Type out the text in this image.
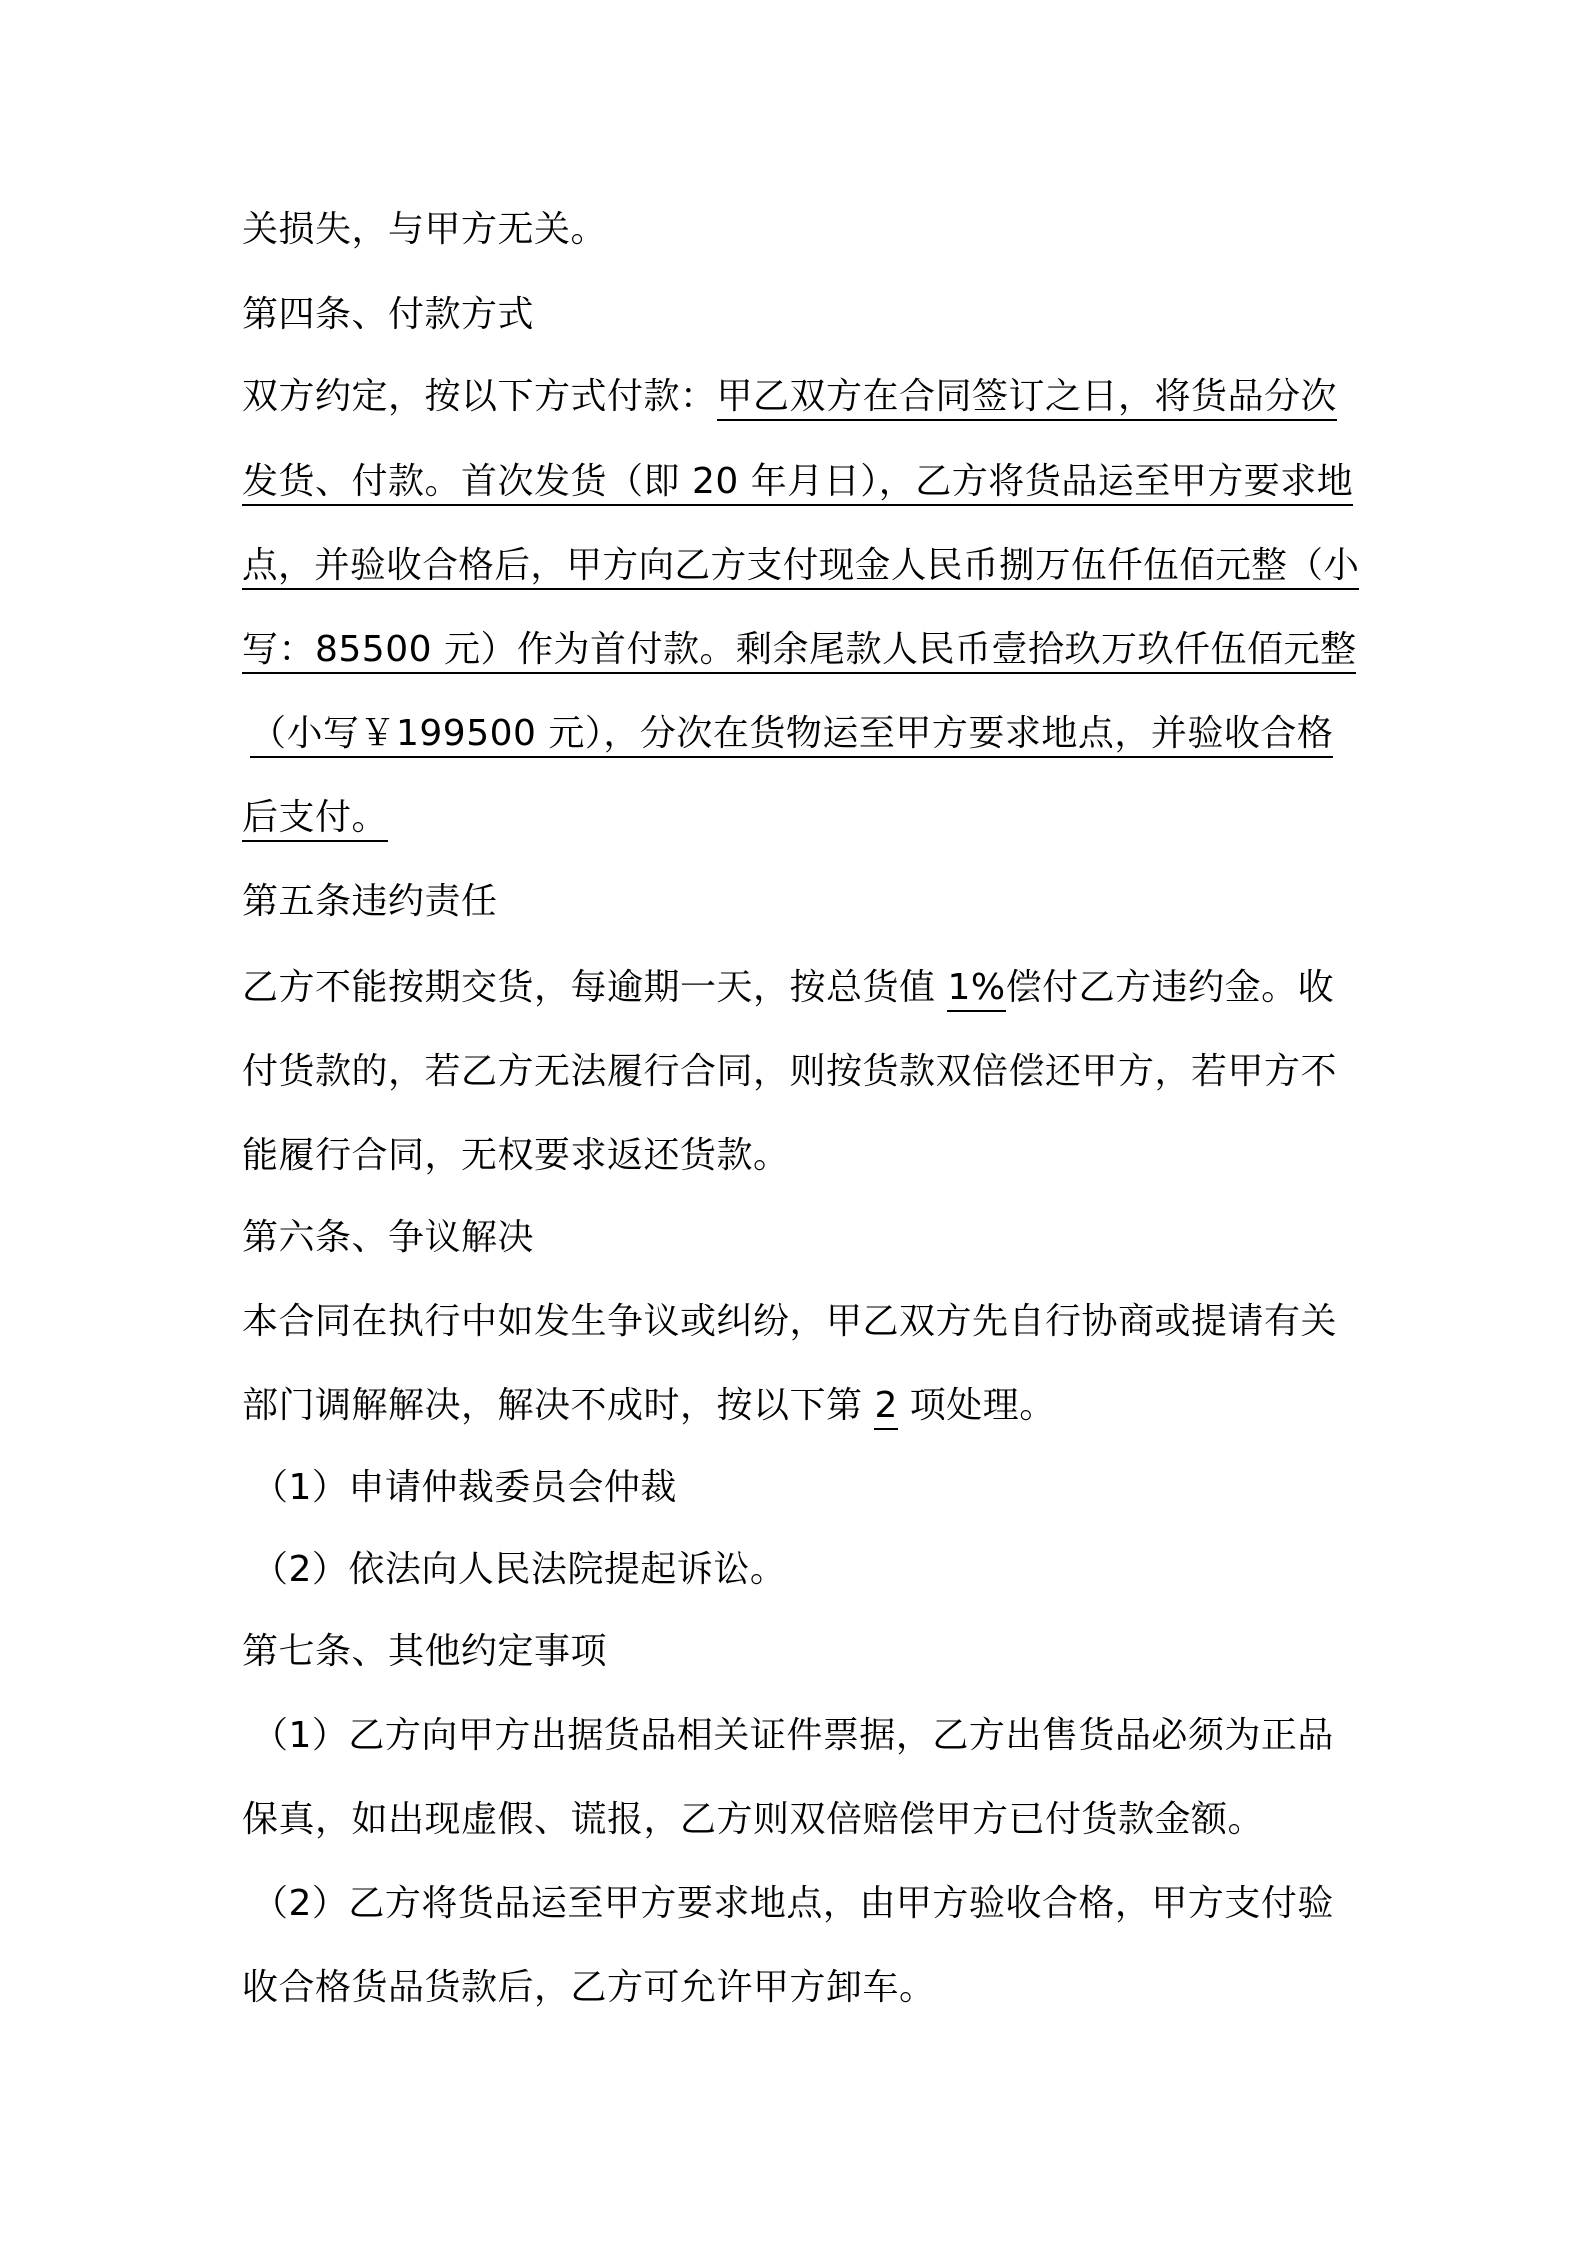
关损失，与甲方无关。
第四条、付款方式
双方约定，按以下方式付款：甲乙双方在合同签订之日，将货品分次
发货、付款。首次发货（即 20 年月日），乙方将货品运至甲方要求地
点，并验收合格后，甲方向乙方支付现金人民币捌万伍仟伍佰元整（小
写：85500 元）作为首付款。剩余尾款人民币壹拾玖万玖仟伍佰元整
（小写￥199500 元），分次在货物运至甲方要求地点，并验收合格
后支付。
第五条违约责任
乙方不能按期交货，每逾期一天，按总货值 1%偿付乙方违约金。收
付货款的，若乙方无法履行合同，则按货款双倍偿还甲方，若甲方不
能履行合同，无权要求返还货款。
第六条、争议解决
本合同在执行中如发生争议或纠纷，甲乙双方先自行协商或提请有关
部门调解解决，解决不成时，按以下第 2 项处理。
（1）申请仲裁委员会仲裁
（2）依法向人民法院提起诉讼。
第七条、其他约定事项
（1）乙方向甲方出据货品相关证件票据，乙方出售货品必须为正品
保真，如出现虚假、谎报，乙方则双倍赔偿甲方已付货款金额。
（2）乙方将货品运至甲方要求地点，由甲方验收合格，甲方支付验
收合格货品货款后，乙方可允许甲方卸车。
